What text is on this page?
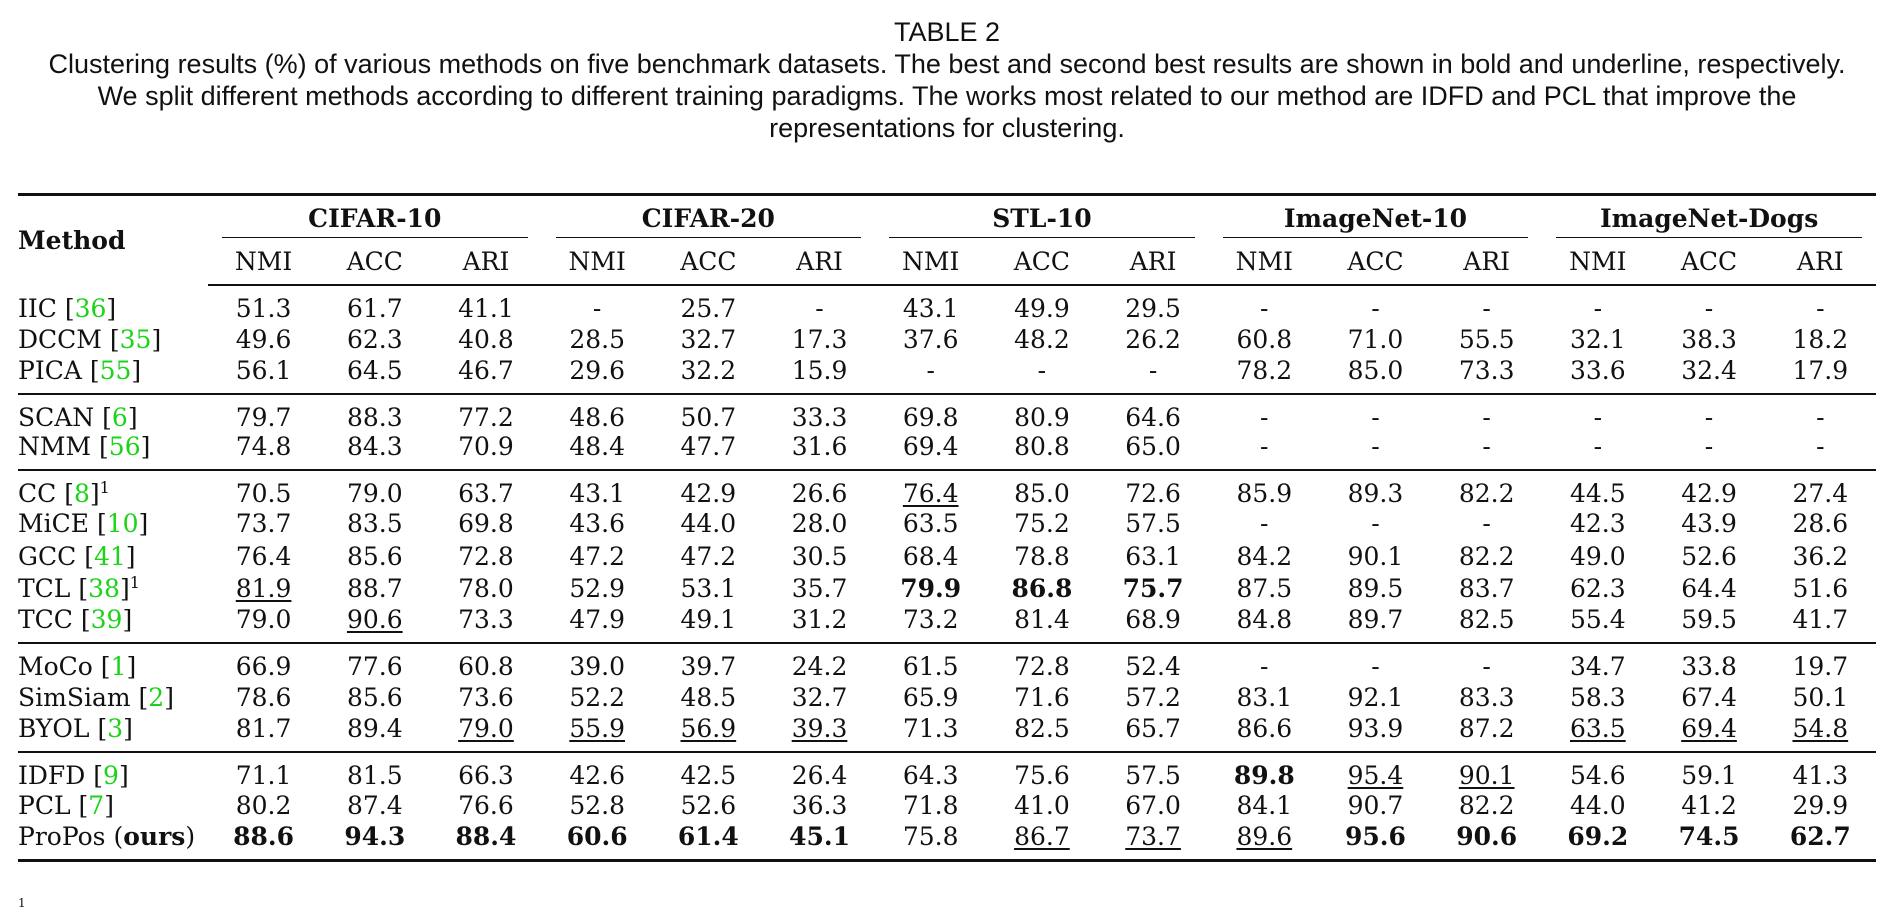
TABLE 2
Clustering results (%) of various methods on five benchmark datasets. The best and second best results are shown in bold and underline, respectively. We split different methods according to different training paradigms. The works most related to our method are IDFD and PCL that improve the representations for clustering.
Method	CIFAR-10			CIFAR-20			STL-10			ImageNet-10			ImageNet-Dogs		

	NMI	ACC	ARI	NMI	ACC	ARI	NMI	ACC	ARI	NMI	ACC	ARI	NMI	ACC	ARI
IIC [36]	51.3	61.7	41.1	-	25.7	-	43.1	49.9	29.5	-	-	-	-	-	-
DCCM [35]	49.6	62.3	40.8	28.5	32.7	17.3	37.6	48.2	26.2	60.8	71.0	55.5	32.1	38.3	18.2
PICA [55]	56.1	64.5	46.7	29.6	32.2	15.9	-	-	-	78.2	85.0	73.3	33.6	32.4	17.9
SCAN [6]	79.7	88.3	77.2	48.6	50.7	33.3	69.8	80.9	64.6	-	-	-	-	-	-
NMM [56]	74.8	84.3	70.9	48.4	47.7	31.6	69.4	80.8	65.0	-	-	-	-	-	-
CC $[8]^1$	70.5	79.0	63.7	43.1	42.9	26.6	76.4	85.0	72.6	85.9	89.3	82.2	44.5	42.9	27.4
MiCE [10]	73.7	83.5	69.8	43.6	44.0	28.0	63.5	75.2	57.5	-	-	-	42.3	43.9	28.6
GCC [41]	76.4	85.6	72.8	47.2	47.2	30.5	68.4	78.8	63.1	84.2	90.1	82.2	49.0	52.6	36.2
TCL $[38]^1$	81.9	88.7	78.0	52.9	53.1	35.7	79.9	86.8	75.7	87.5	89.5	83.7	62.3	64.4	51.6
TCC [39]	79.0	90.6	73.3	47.9	49.1	31.2	73.2	81.4	68.9	84.8	89.7	82.5	55.4	59.5	41.7
MoCo [1]	66.9	77.6	60.8	39.0	39.7	24.2	61.5	72.8	52.4	-	-	-	34.7	33.8	19.7
SimSiam [2]	78.6	85.6	73.6	52.2	48.5	32.7	65.9	71.6	57.2	83.1	92.1	83.3	58.3	67.4	50.1
BYOL [3]	81.7	89.4	79.0	55.9	56.9	39.3	71.3	82.5	65.7	86.6	93.9	87.2	63.5	69.4	54.8
IDFD [9]	71.1	81.5	66.3	42.6	42.5	26.4	64.3	75.6	57.5	89.8	95.4	90.1	54.6	59.1	41.3
PCL [7]	80.2	87.4	76.6	52.8	52.6	36.3	71.8	41.0	67.0	84.1	90.7	82.2	44.0	41.2	29.9
ProPos (ours)	88.6	94.3	88.4	60.6	61.4	45.1	75.8	86.7	73.7	89.6	95.6	90.6	69.2	74.5	62.7
1
